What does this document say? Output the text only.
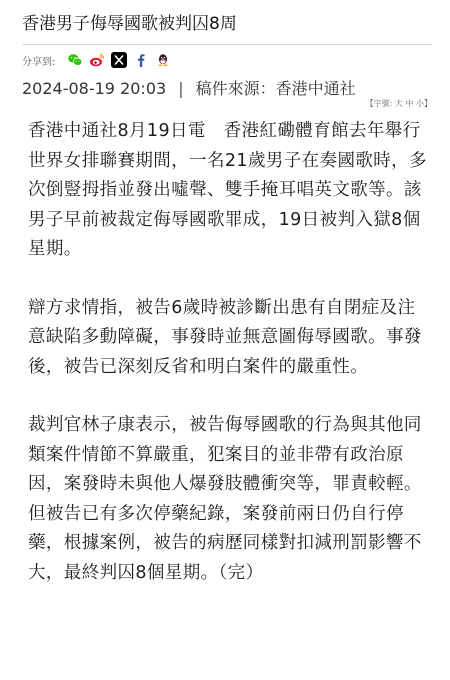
香港男子侮辱國歌被判囚8周
分享到:
2024-08-19 20:03 | 稿件來源：香港中通社
【字號: 大 中 小】

香港中通社8月19日電　香港紅磡體育館去年舉行世界女排聯賽期間，一名21歲男子在奏國歌時，多次倒豎拇指並發出噓聲、雙手掩耳唱英文歌等。該男子早前被裁定侮辱國歌罪成，19日被判入獄8個星期。

辯方求情指，被告6歲時被診斷出患有自閉症及注意缺陷多動障礙，事發時並無意圖侮辱國歌。事發後，被告已深刻反省和明白案件的嚴重性。

裁判官林子康表示，被告侮辱國歌的行為與其他同類案件情節不算嚴重，犯案目的並非帶有政治原因，案發時未與他人爆發肢體衝突等，罪責較輕。但被告已有多次停藥紀錄，案發前兩日仍自行停藥，根據案例，被告的病歷同樣對扣減刑罰影響不大，最終判囚8個星期。（完）
